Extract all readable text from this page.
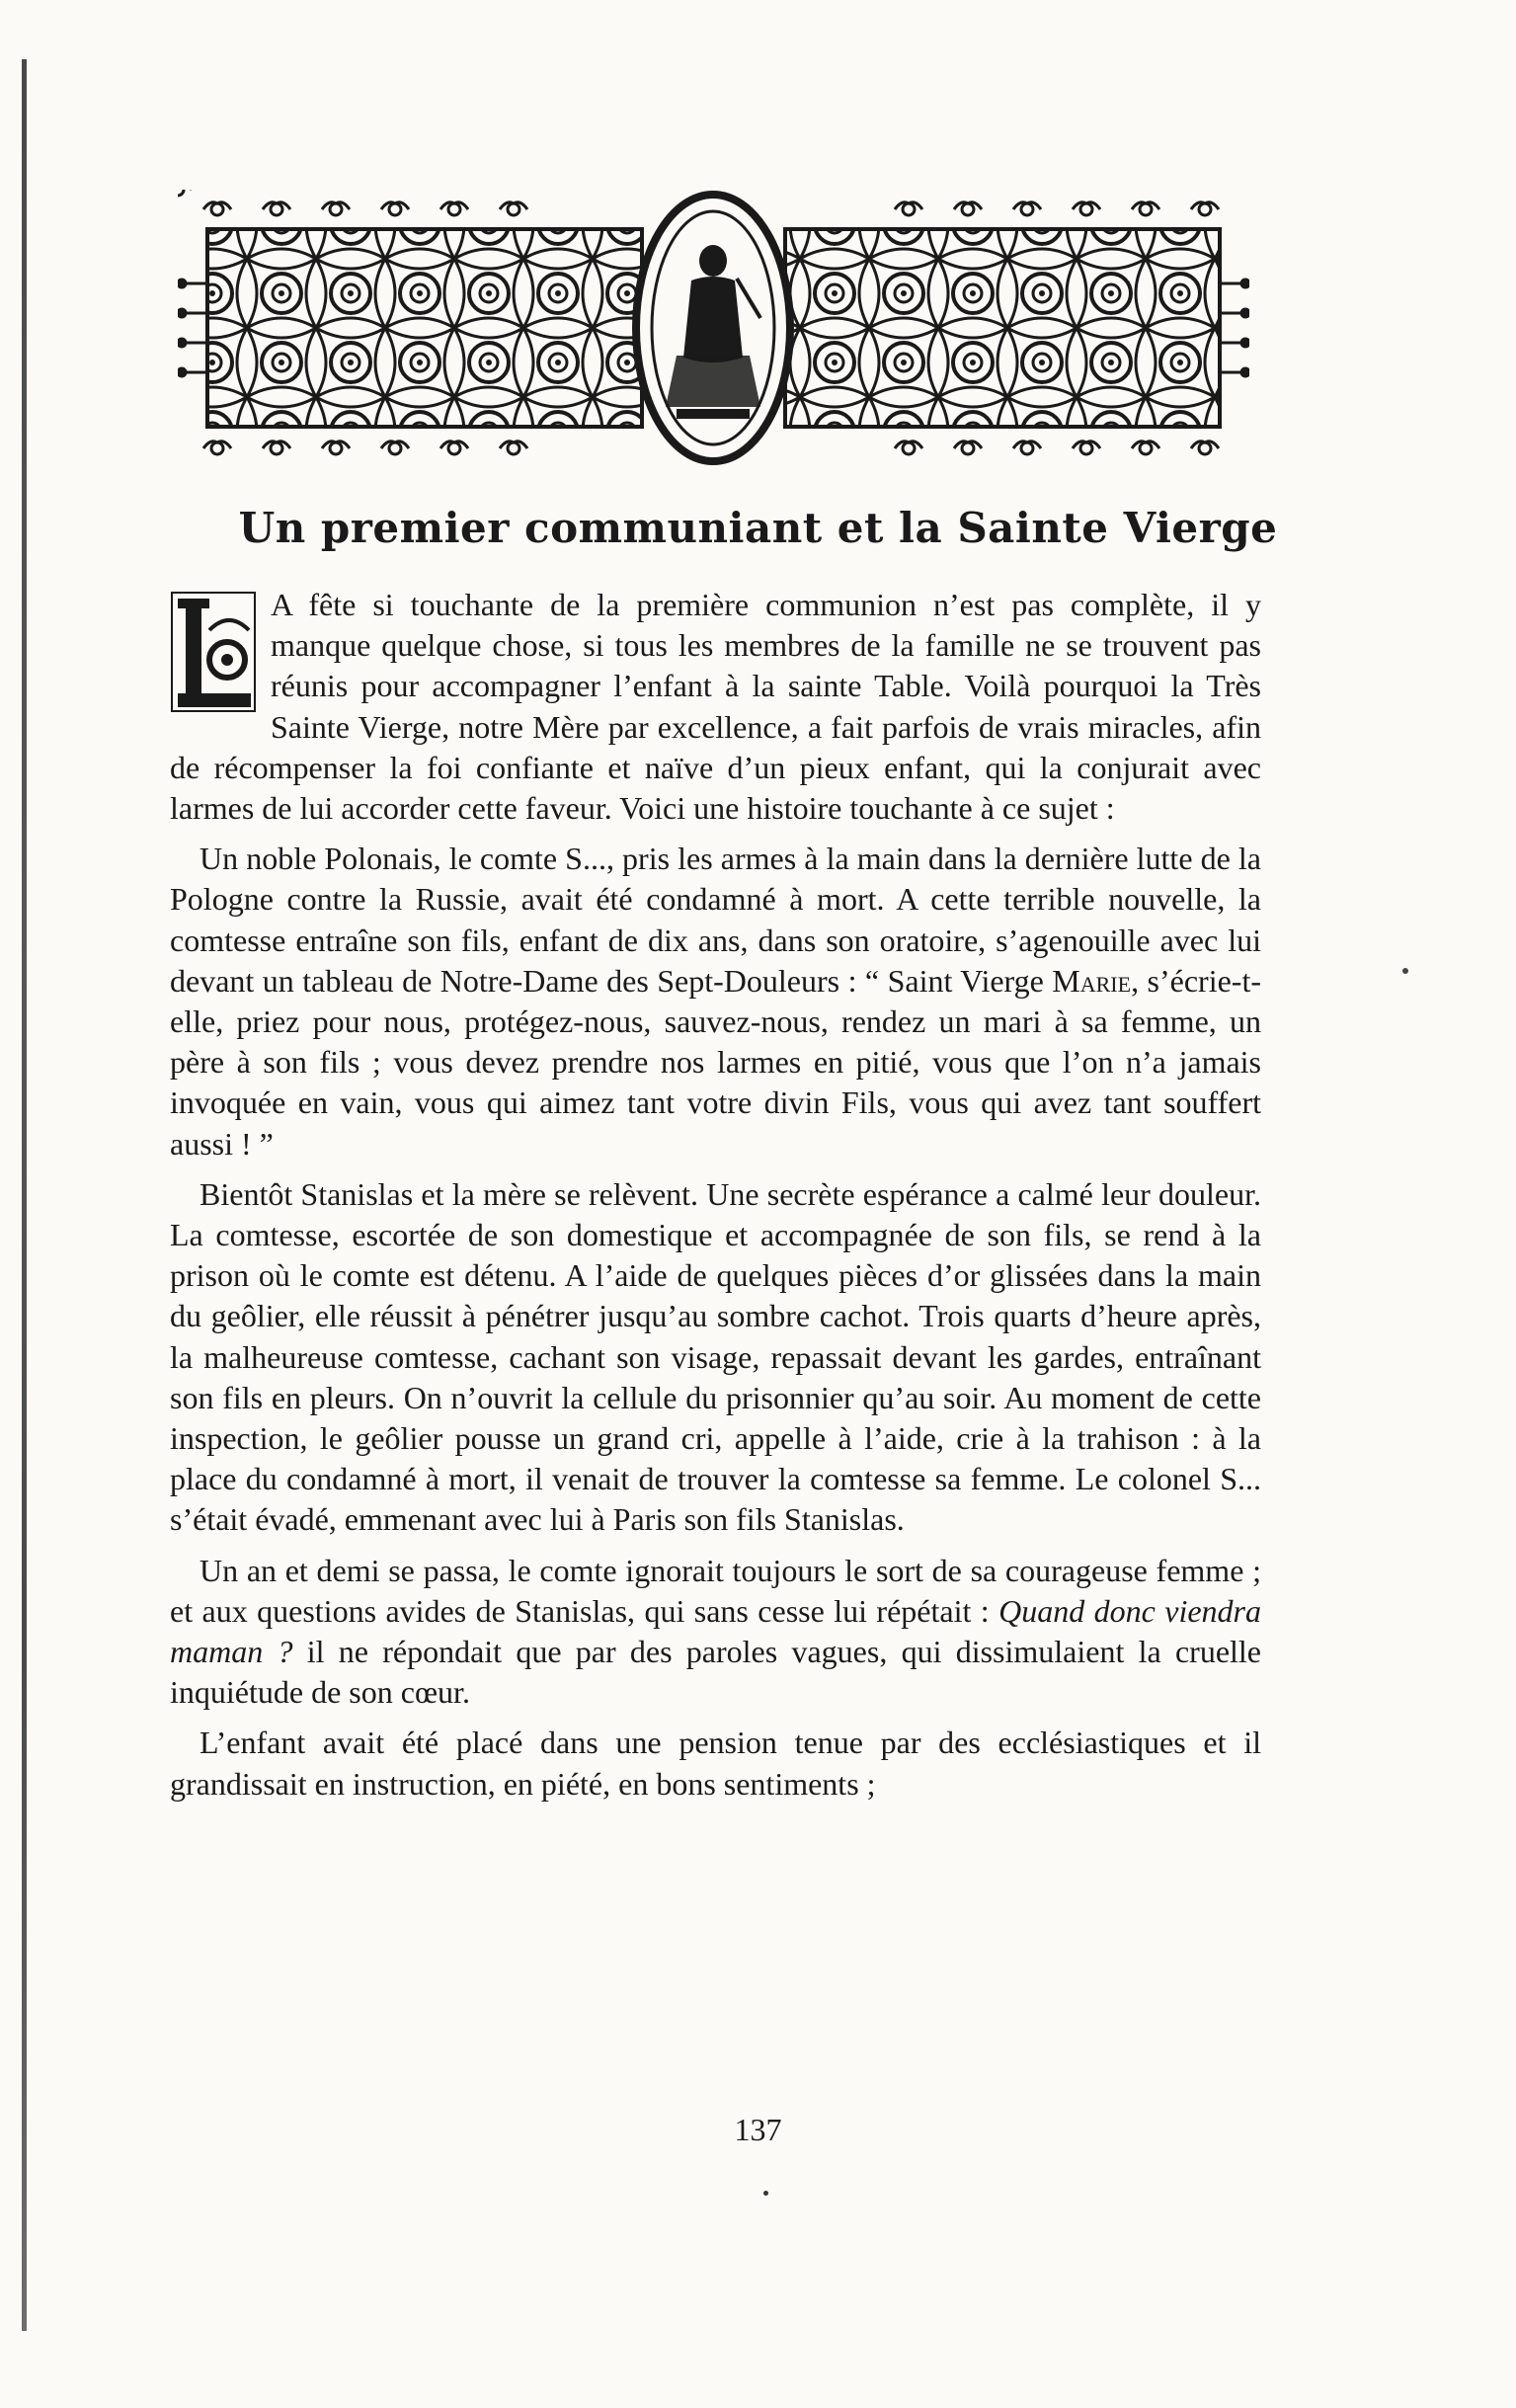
Un premier communiant et la Sainte Vierge

A fête si touchante de la première communion n’est pas complète, il y manque quelque chose, si tous les membres de la famille ne se trouvent pas réunis pour accompagner l’enfant à la sainte Table. Voilà pourquoi la Très Sainte Vierge, notre Mère par excellence, a fait parfois de vrais miracles, afin de récompenser la foi confiante et naïve d’un pieux enfant, qui la conjurait avec larmes de lui accorder cette faveur. Voici une histoire touchante à ce sujet :

Un noble Polonais, le comte S..., pris les armes à la main dans la dernière lutte de la Pologne contre la Russie, avait été condamné à mort. A cette terrible nouvelle, la comtesse entraîne son fils, enfant de dix ans, dans son oratoire, s’agenouille avec lui devant un tableau de Notre-Dame des Sept-Douleurs : “ Saint Vierge Marie, s’écrie-t-elle, priez pour nous, protégez-nous, sauvez-nous, rendez un mari à sa femme, un père à son fils ; vous devez prendre nos larmes en pitié, vous que l’on n’a jamais invoquée en vain, vous qui aimez tant votre divin Fils, vous qui avez tant souffert aussi ! ”

Bientôt Stanislas et la mère se relèvent. Une secrète espérance a calmé leur douleur. La comtesse, escortée de son domestique et accompagnée de son fils, se rend à la prison où le comte est détenu. A l’aide de quelques pièces d’or glissées dans la main du geôlier, elle réussit à pénétrer jusqu’au sombre cachot. Trois quarts d’heure après, la malheureuse comtesse, cachant son visage, repassait devant les gardes, entraînant son fils en pleurs. On n’ouvrit la cellule du prisonnier qu’au soir. Au moment de cette inspection, le geôlier pousse un grand cri, appelle à l’aide, crie à la trahison : à la place du condamné à mort, il venait de trouver la comtesse sa femme. Le colonel S... s’était évadé, emmenant avec lui à Paris son fils Stanislas.

Un an et demi se passa, le comte ignorait toujours le sort de sa courageuse femme ; et aux questions avides de Stanislas, qui sans cesse lui répétait : Quand donc viendra maman ? il ne répondait que par des paroles vagues, qui dissimulaient la cruelle inquiétude de son cœur.

L’enfant avait été placé dans une pension tenue par des ecclésiastiques et il grandissait en instruction, en piété, en bons sentiments ;

137
